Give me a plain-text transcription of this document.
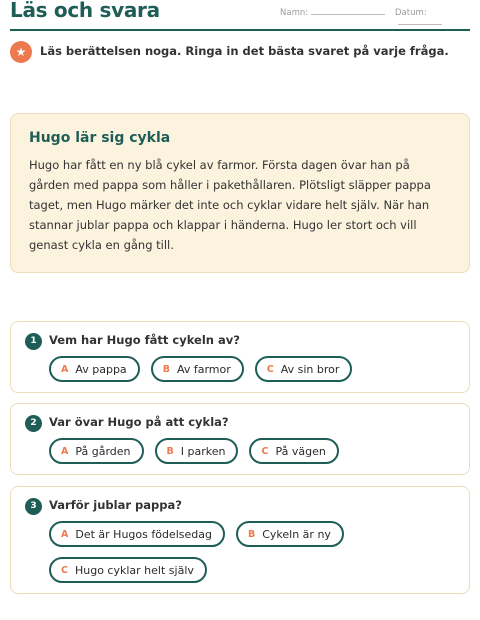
Läs och svara	Namn:	Datum:
★	Läs berättelsen noga. Ringa in det bästa svaret på varje fråga.
Hugo lär sig cykla
Hugo har fått en ny blå cykel av farmor. Första dagen övar han på gården med pappa som håller i pakethållaren. Plötsligt släpper pappa taget, men Hugo märker det inte och cyklar vidare helt själv. När han stannar jublar pappa och klappar i händerna. Hugo ler stort och vill genast cykla en gång till.
1	Vem har Hugo fått cykeln av?
A Av pappa	B Av farmor	C Av sin bror
2	Var övar Hugo på att cykla?
A På gården	B I parken	C På vägen
3	Varför jublar pappa?
A Det är Hugos födelsedag	B Cykeln är ny
C Hugo cyklar helt själv
